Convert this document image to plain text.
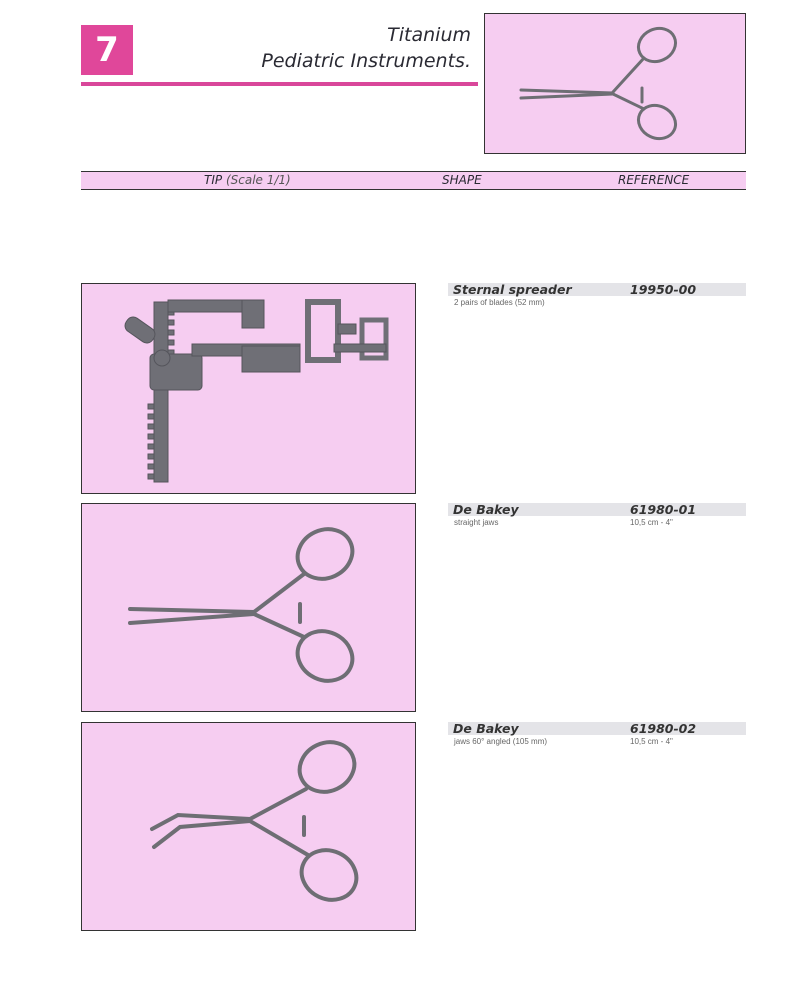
7	Titanium
Pediatric Instruments.
TIP (Scale 1/1)	SHAPE	REFERENCE
Sternal spreader	19950-00
2 pairs of blades (52 mm)
De Bakey	61980-01
straight jaws	10,5 cm - 4"
De Bakey	61980-02
jaws 60° angled (105 mm)	10,5 cm - 4"
